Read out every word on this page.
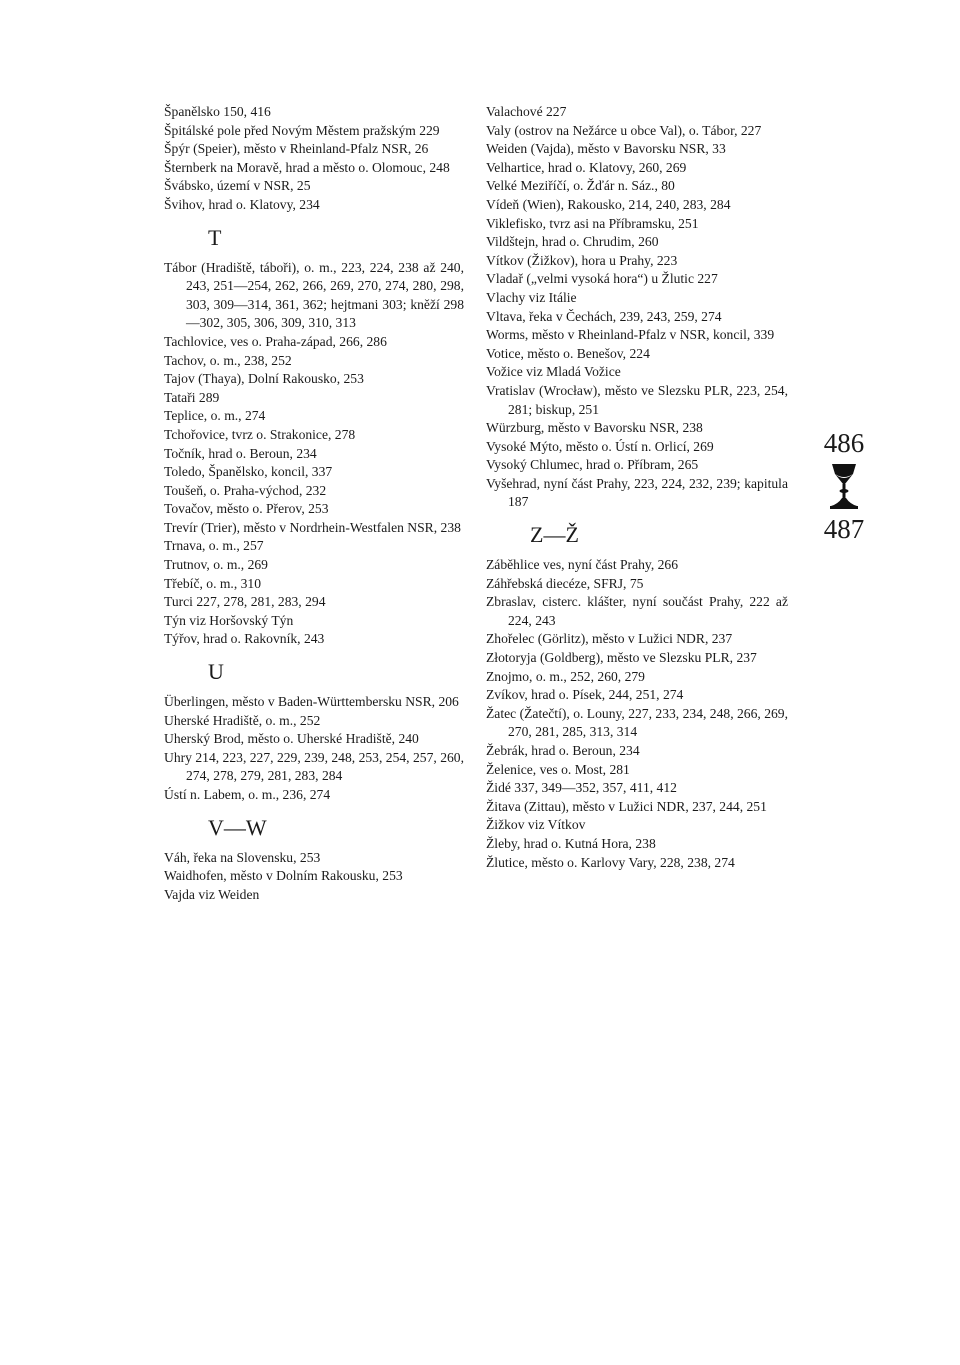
Španělsko 150, 416
Špitálské pole před Novým Městem pražským 229
Špýr (Speier), město v Rheinland-Pfalz NSR, 26
Šternberk na Moravě, hrad a město o. Olomouc, 248
Švábsko, území v NSR, 25
Švihov, hrad o. Klatovy, 234
T
Tábor (Hradiště, táboři), o. m., 223, 224, 238 až 240, 243, 251—254, 262, 266, 269, 270, 274, 280, 298, 303, 309—314, 361, 362; hejtmani 303; kněží 298—302, 305, 306, 309, 310, 313
Tachlovice, ves o. Praha-západ, 266, 286
Tachov, o. m., 238, 252
Tajov (Thaya), Dolní Rakousko, 253
Tataři 289
Teplice, o. m., 274
Tchořovice, tvrz o. Strakonice, 278
Točník, hrad o. Beroun, 234
Toledo, Španělsko, koncil, 337
Toušeň, o. Praha-východ, 232
Tovačov, město o. Přerov, 253
Trevír (Trier), město v Nordrhein-Westfalen NSR, 238
Trnava, o. m., 257
Trutnov, o. m., 269
Třebíč, o. m., 310
Turci 227, 278, 281, 283, 294
Týn viz Horšovský Týn
Týřov, hrad o. Rakovník, 243
U
Überlingen, město v Baden-Württembersku NSR, 206
Uherské Hradiště, o. m., 252
Uherský Brod, město o. Uherské Hradiště, 240
Uhry 214, 223, 227, 229, 239, 248, 253, 254, 257, 260, 274, 278, 279, 281, 283, 284
Ústí n. Labem, o. m., 236, 274
V—W
Váh, řeka na Slovensku, 253
Waidhofen, město v Dolním Rakousku, 253
Vajda viz Weiden
Valachové 227
Valy (ostrov na Nežárce u obce Val), o. Tábor, 227
Weiden (Vajda), město v Bavorsku NSR, 33
Velhartice, hrad o. Klatovy, 260, 269
Velké Meziříčí, o. Žďár n. Sáz., 80
Vídeň (Wien), Rakousko, 214, 240, 283, 284
Viklefisko, tvrz asi na Příbramsku, 251
Vildštejn, hrad o. Chrudim, 260
Vítkov (Žižkov), hora u Prahy, 223
Vladař („velmi vysoká hora“) u Žlutic 227
Vlachy viz Itálie
Vltava, řeka v Čechách, 239, 243, 259, 274
Worms, město v Rheinland-Pfalz v NSR, koncil, 339
Votice, město o. Benešov, 224
Vožice viz Mladá Vožice
Vratislav (Wrocław), město ve Slezsku PLR, 223, 254, 281; biskup, 251
Würzburg, město v Bavorsku NSR, 238
Vysoké Mýto, město o. Ústí n. Orlicí, 269
Vysoký Chlumec, hrad o. Příbram, 265
Vyšehrad, nyní část Prahy, 223, 224, 232, 239; kapitula 187
Z—Ž
Záběhlice ves, nyní část Prahy, 266
Záhřebská diecéze, SFRJ, 75
Zbraslav, cisterc. klášter, nyní součást Prahy, 222 až 224, 243
Zhořelec (Görlitz), město v Lužici NDR, 237
Złotoryja (Goldberg), město ve Slezsku PLR, 237
Znojmo, o. m., 252, 260, 279
Zvíkov, hrad o. Písek, 244, 251, 274
Žatec (Žatečtí), o. Louny, 227, 233, 234, 248, 266, 269, 270, 281, 285, 313, 314
Žebrák, hrad o. Beroun, 234
Želenice, ves o. Most, 281
Židé 337, 349—352, 357, 411, 412
Žitava (Zittau), město v Lužici NDR, 237, 244, 251
Žižkov viz Vítkov
Žleby, hrad o. Kutná Hora, 238
Žlutice, město o. Karlovy Vary, 228, 238, 274
486
487
